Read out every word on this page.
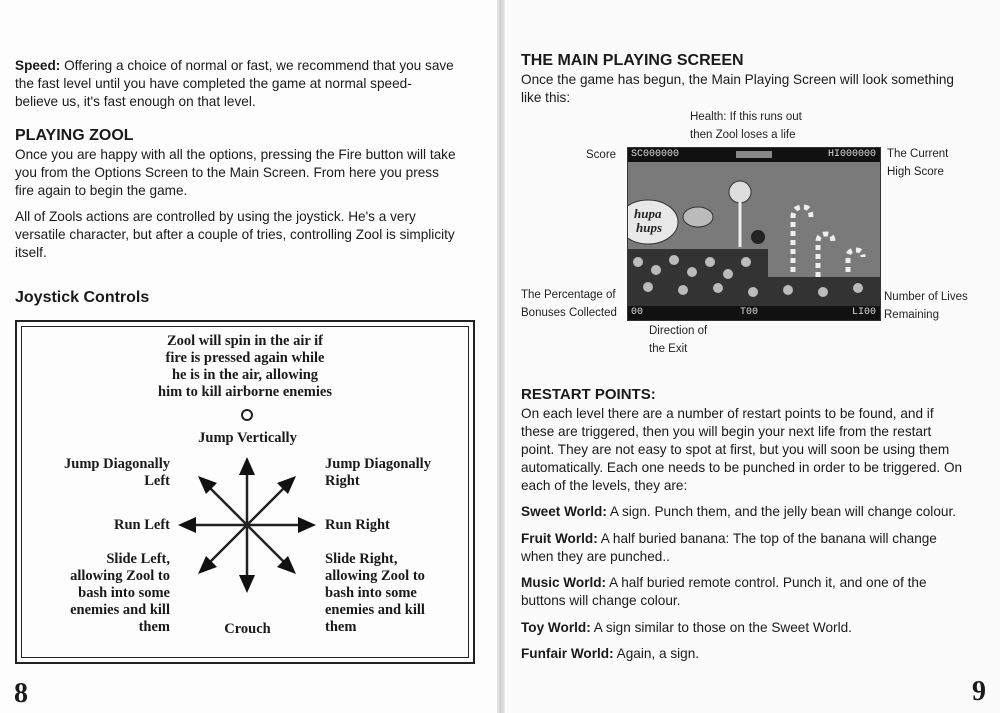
Speed: Offering a choice of normal or fast, we recommend that you save

the fast level until you have completed the game at normal speed-

believe us, it's fast enough on that level.

PLAYING ZOOL

Once you are happy with all the options, pressing the Fire button will take

you from the Options Screen to the Main Screen. From here you press

fire again to begin the game.

All of Zools actions are controlled by using the joystick. He's a very

versatile character, but after a couple of tries, controlling Zool is simplicity

itself.

Joystick Controls
Zool will spin in the air if
fire is pressed again while
he is in the air, allowing
him to kill airborne enemies
Jump Vertically
Jump Diagonally
Left
Jump Diagonally
Right
Run Left	Run Right
Slide Left,
allowing Zool to
bash into some
enemies and kill
them
Slide Right,
allowing Zool to
bash into some
enemies and kill
them
Crouch
8
THE MAIN PLAYING SCREEN

Once the game has begun, the Main Playing Screen will look something

like this:

Health: If this runs out
then Zool loses a life
Score	The Current
High Score
The Percentage of
Bonuses Collected
Number of Lives
Remaining
Direction of
the Exit
SC000000	HI000000
hupa
hups
00	T00	LI00
RESTART POINTS:

On each level there are a number of restart points to be found, and if

these are triggered, then you will begin your next life from the restart

point. They are not easy to spot at first, but you will soon be using them

automatically. Each one needs to be punched in order to be triggered. On

each of the levels, they are:

Sweet World: A sign. Punch them, and the jelly bean will change colour.

Fruit World: A half buried banana: The top of the banana will change

when they are punched..

Music World: A half buried remote control. Punch it, and one of the

buttons will change colour.

Toy World: A sign similar to those on the Sweet World.

Funfair World: Again, a sign.

9
